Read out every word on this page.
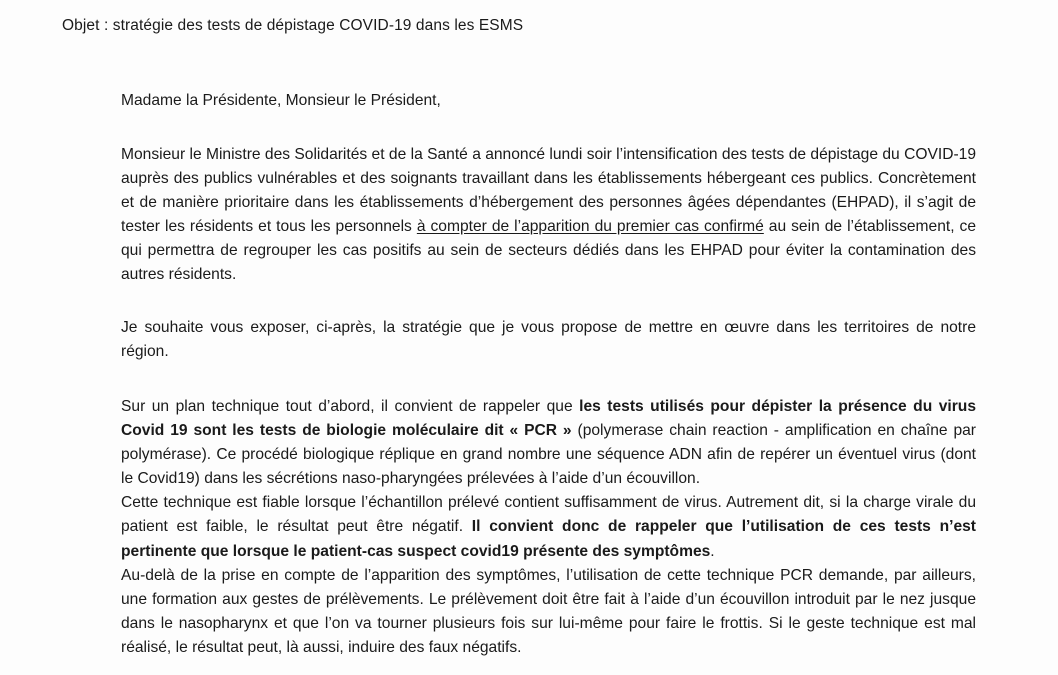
Objet : stratégie des tests de dépistage COVID-19 dans les ESMS
Madame la Présidente, Monsieur le Président,

Monsieur le Ministre des Solidarités et de la Santé a annoncé lundi soir l’intensification des tests de dépistage du COVID-19 auprès des publics vulnérables et des soignants travaillant dans les établissements hébergeant ces publics. Concrètement et de manière prioritaire dans les établissements d’hébergement des personnes âgées dépendantes (EHPAD), il s’agit de tester les résidents et tous les personnels à compter de l’apparition du premier cas confirmé au sein de l’établissement, ce qui permettra de regrouper les cas positifs au sein de secteurs dédiés dans les EHPAD pour éviter la contamination des autres résidents.

Je souhaite vous exposer, ci-après, la stratégie que je vous propose de mettre en œuvre dans les territoires de notre région.

Sur un plan technique tout d’abord, il convient de rappeler que les tests utilisés pour dépister la présence du virus Covid 19 sont les tests de biologie moléculaire dit « PCR » (polymerase chain reaction - amplification en chaîne par polymérase). Ce procédé biologique réplique en grand nombre une séquence ADN afin de repérer un éventuel virus (dont le Covid19) dans les sécrétions naso-pharyngées prélevées à l’aide d’un écouvillon.

Cette technique est fiable lorsque l’échantillon prélevé contient suffisamment de virus. Autrement dit, si la charge virale du patient est faible, le résultat peut être négatif. Il convient donc de rappeler que l’utilisation de ces tests n’est pertinente que lorsque le patient-cas suspect covid19 présente des symptômes.

Au-delà de la prise en compte de l’apparition des symptômes, l’utilisation de cette technique PCR demande, par ailleurs, une formation aux gestes de prélèvements. Le prélèvement doit être fait à l’aide d’un écouvillon introduit par le nez jusque dans le nasopharynx et que l’on va tourner plusieurs fois sur lui-même pour faire le frottis. Si le geste technique est mal réalisé, le résultat peut, là aussi, induire des faux négatifs.
